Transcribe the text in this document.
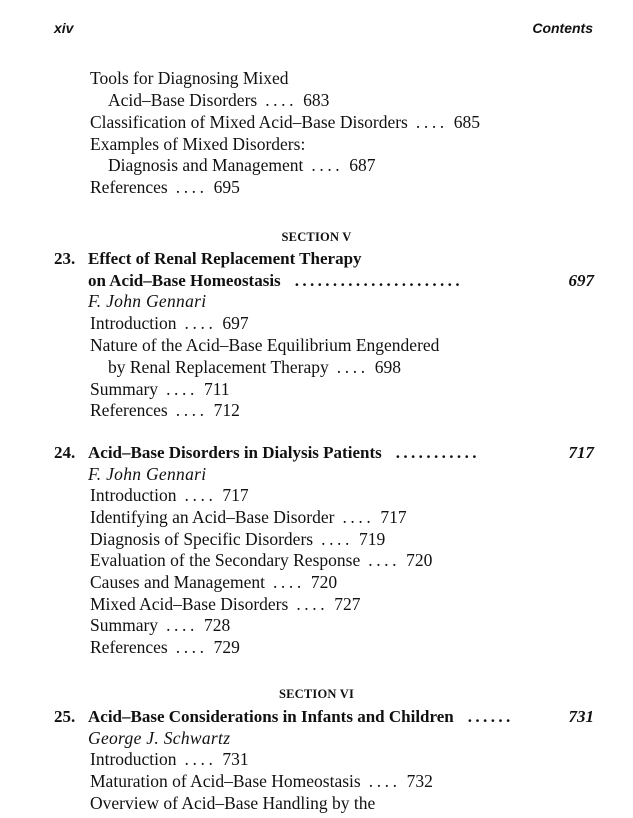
xiv	Contents
Tools for Diagnosing Mixed
Acid–Base Disorders .... 683
Classification of Mixed Acid–Base Disorders .... 685
Examples of Mixed Disorders:
Diagnosis and Management .... 687
References .... 695
SECTION V
23. Effect of Renal Replacement Therapy
on Acid–Base Homeostasis ......................	697
F. John Gennari
Introduction .... 697
Nature of the Acid–Base Equilibrium Engendered
by Renal Replacement Therapy .... 698
Summary .... 711
References .... 712
24. Acid–Base Disorders in Dialysis Patients ...........	717
F. John Gennari
Introduction .... 717
Identifying an Acid–Base Disorder .... 717
Diagnosis of Specific Disorders .... 719
Evaluation of the Secondary Response .... 720
Causes and Management .... 720
Mixed Acid–Base Disorders .... 727
Summary .... 728
References .... 729
SECTION VI
25. Acid–Base Considerations in Infants and Children ......	731
George J. Schwartz
Introduction .... 731
Maturation of Acid–Base Homeostasis .... 732
Overview of Acid–Base Handling by the
